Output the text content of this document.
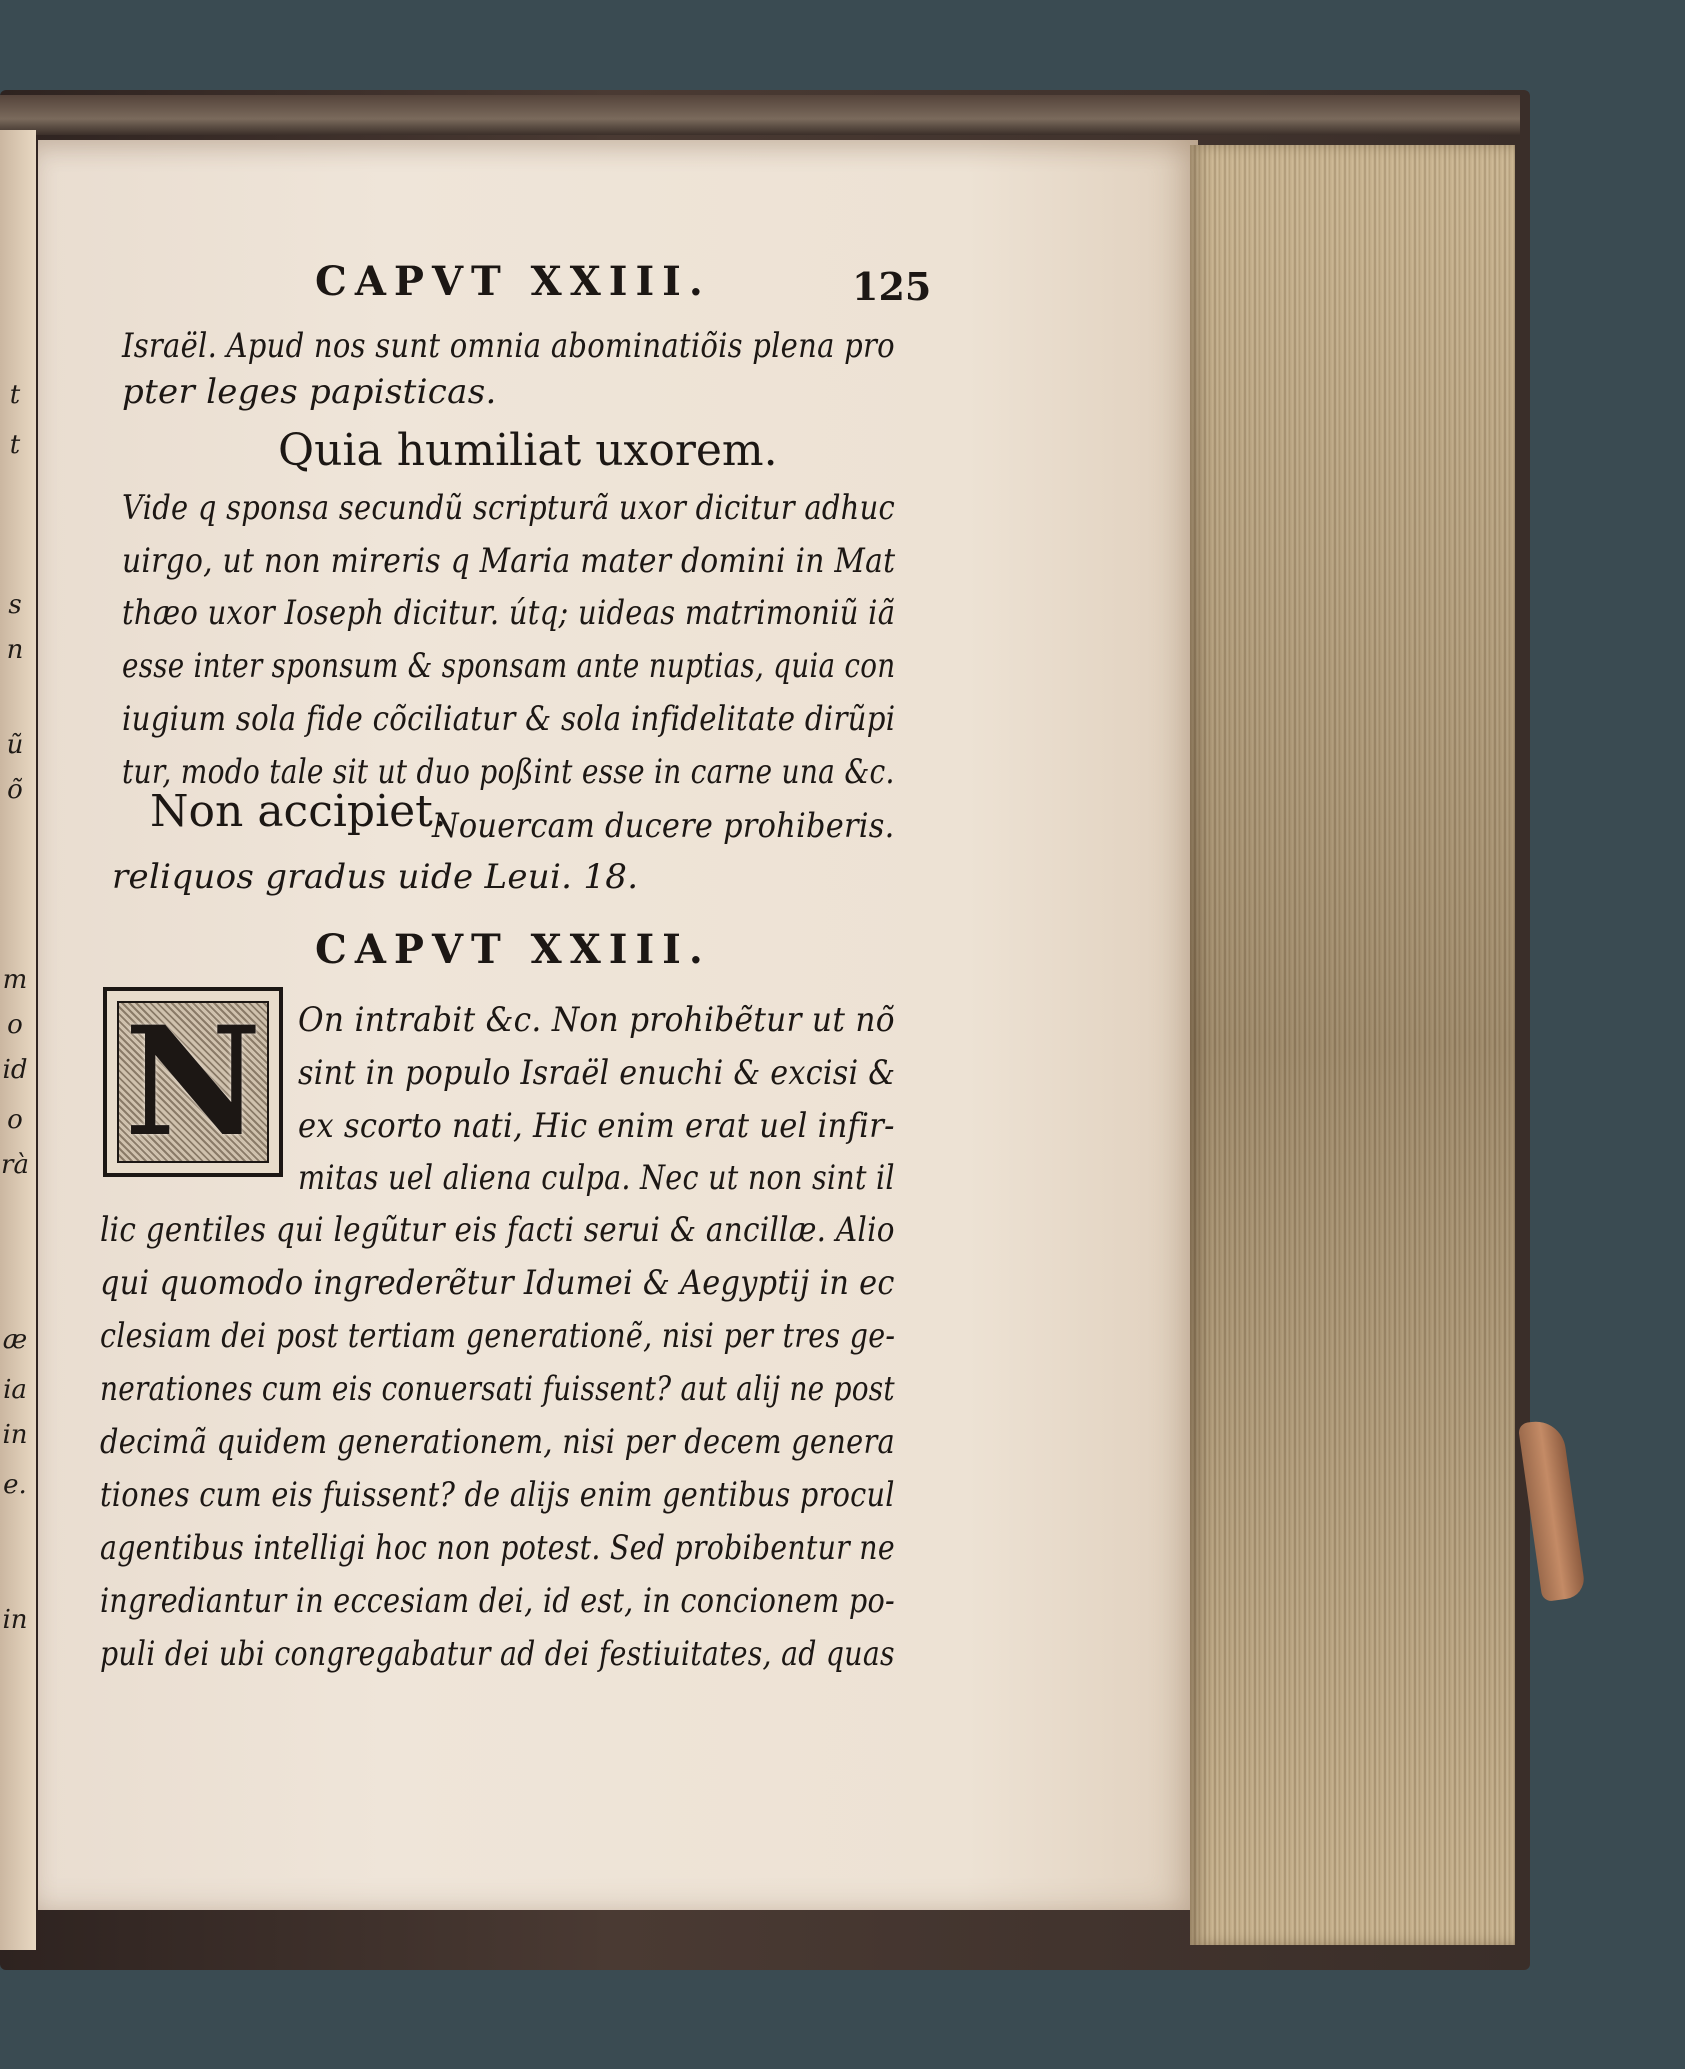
t
t
s
n
ũ
õ
m
o
id
o
rà
æ
ia
in
e.
in
CAPVT XXIII.	125
Israël. Apud nos sunt omnia abominatiõis plena pro
pter leges papisticas.
Quia humiliat uxorem.
Vide q sponsa secundũ scripturã uxor dicitur adhuc
uirgo, ut non mireris q Maria mater domini in Mat
thæo uxor Ioseph dicitur. útq; uideas matrimoniũ iã
esse inter sponsum & sponsam ante nuptias, quia con
iugium sola fide cõciliatur & sola infidelitate dirũpi
tur, modo tale sit ut duo poßint esse in carne una &c.
Non accipiet.
Nouercam ducere prohiberis.
reliquos gradus uide Leui. 18.
CAPVT XXIII.
N	On intrabit &c. Non prohibẽtur ut nõ
sint in populo Israël enuchi & excisi &
ex scorto nati, Hic enim erat uel infir-
mitas uel aliena culpa. Nec ut non sint il
lic gentiles qui legũtur eis facti serui & ancillæ. Alio
qui quomodo ingrederẽtur Idumei & Aegyptij in ec
clesiam dei post tertiam generationẽ, nisi per tres ge-
nerationes cum eis conuersati fuissent? aut alij ne post
decimã quidem generationem, nisi per decem genera
tiones cum eis fuissent? de alijs enim gentibus procul
agentibus intelligi hoc non potest. Sed probibentur ne
ingrediantur in eccesiam dei, id est, in concionem po-
puli dei ubi congregabatur ad dei festiuitates, ad quas
